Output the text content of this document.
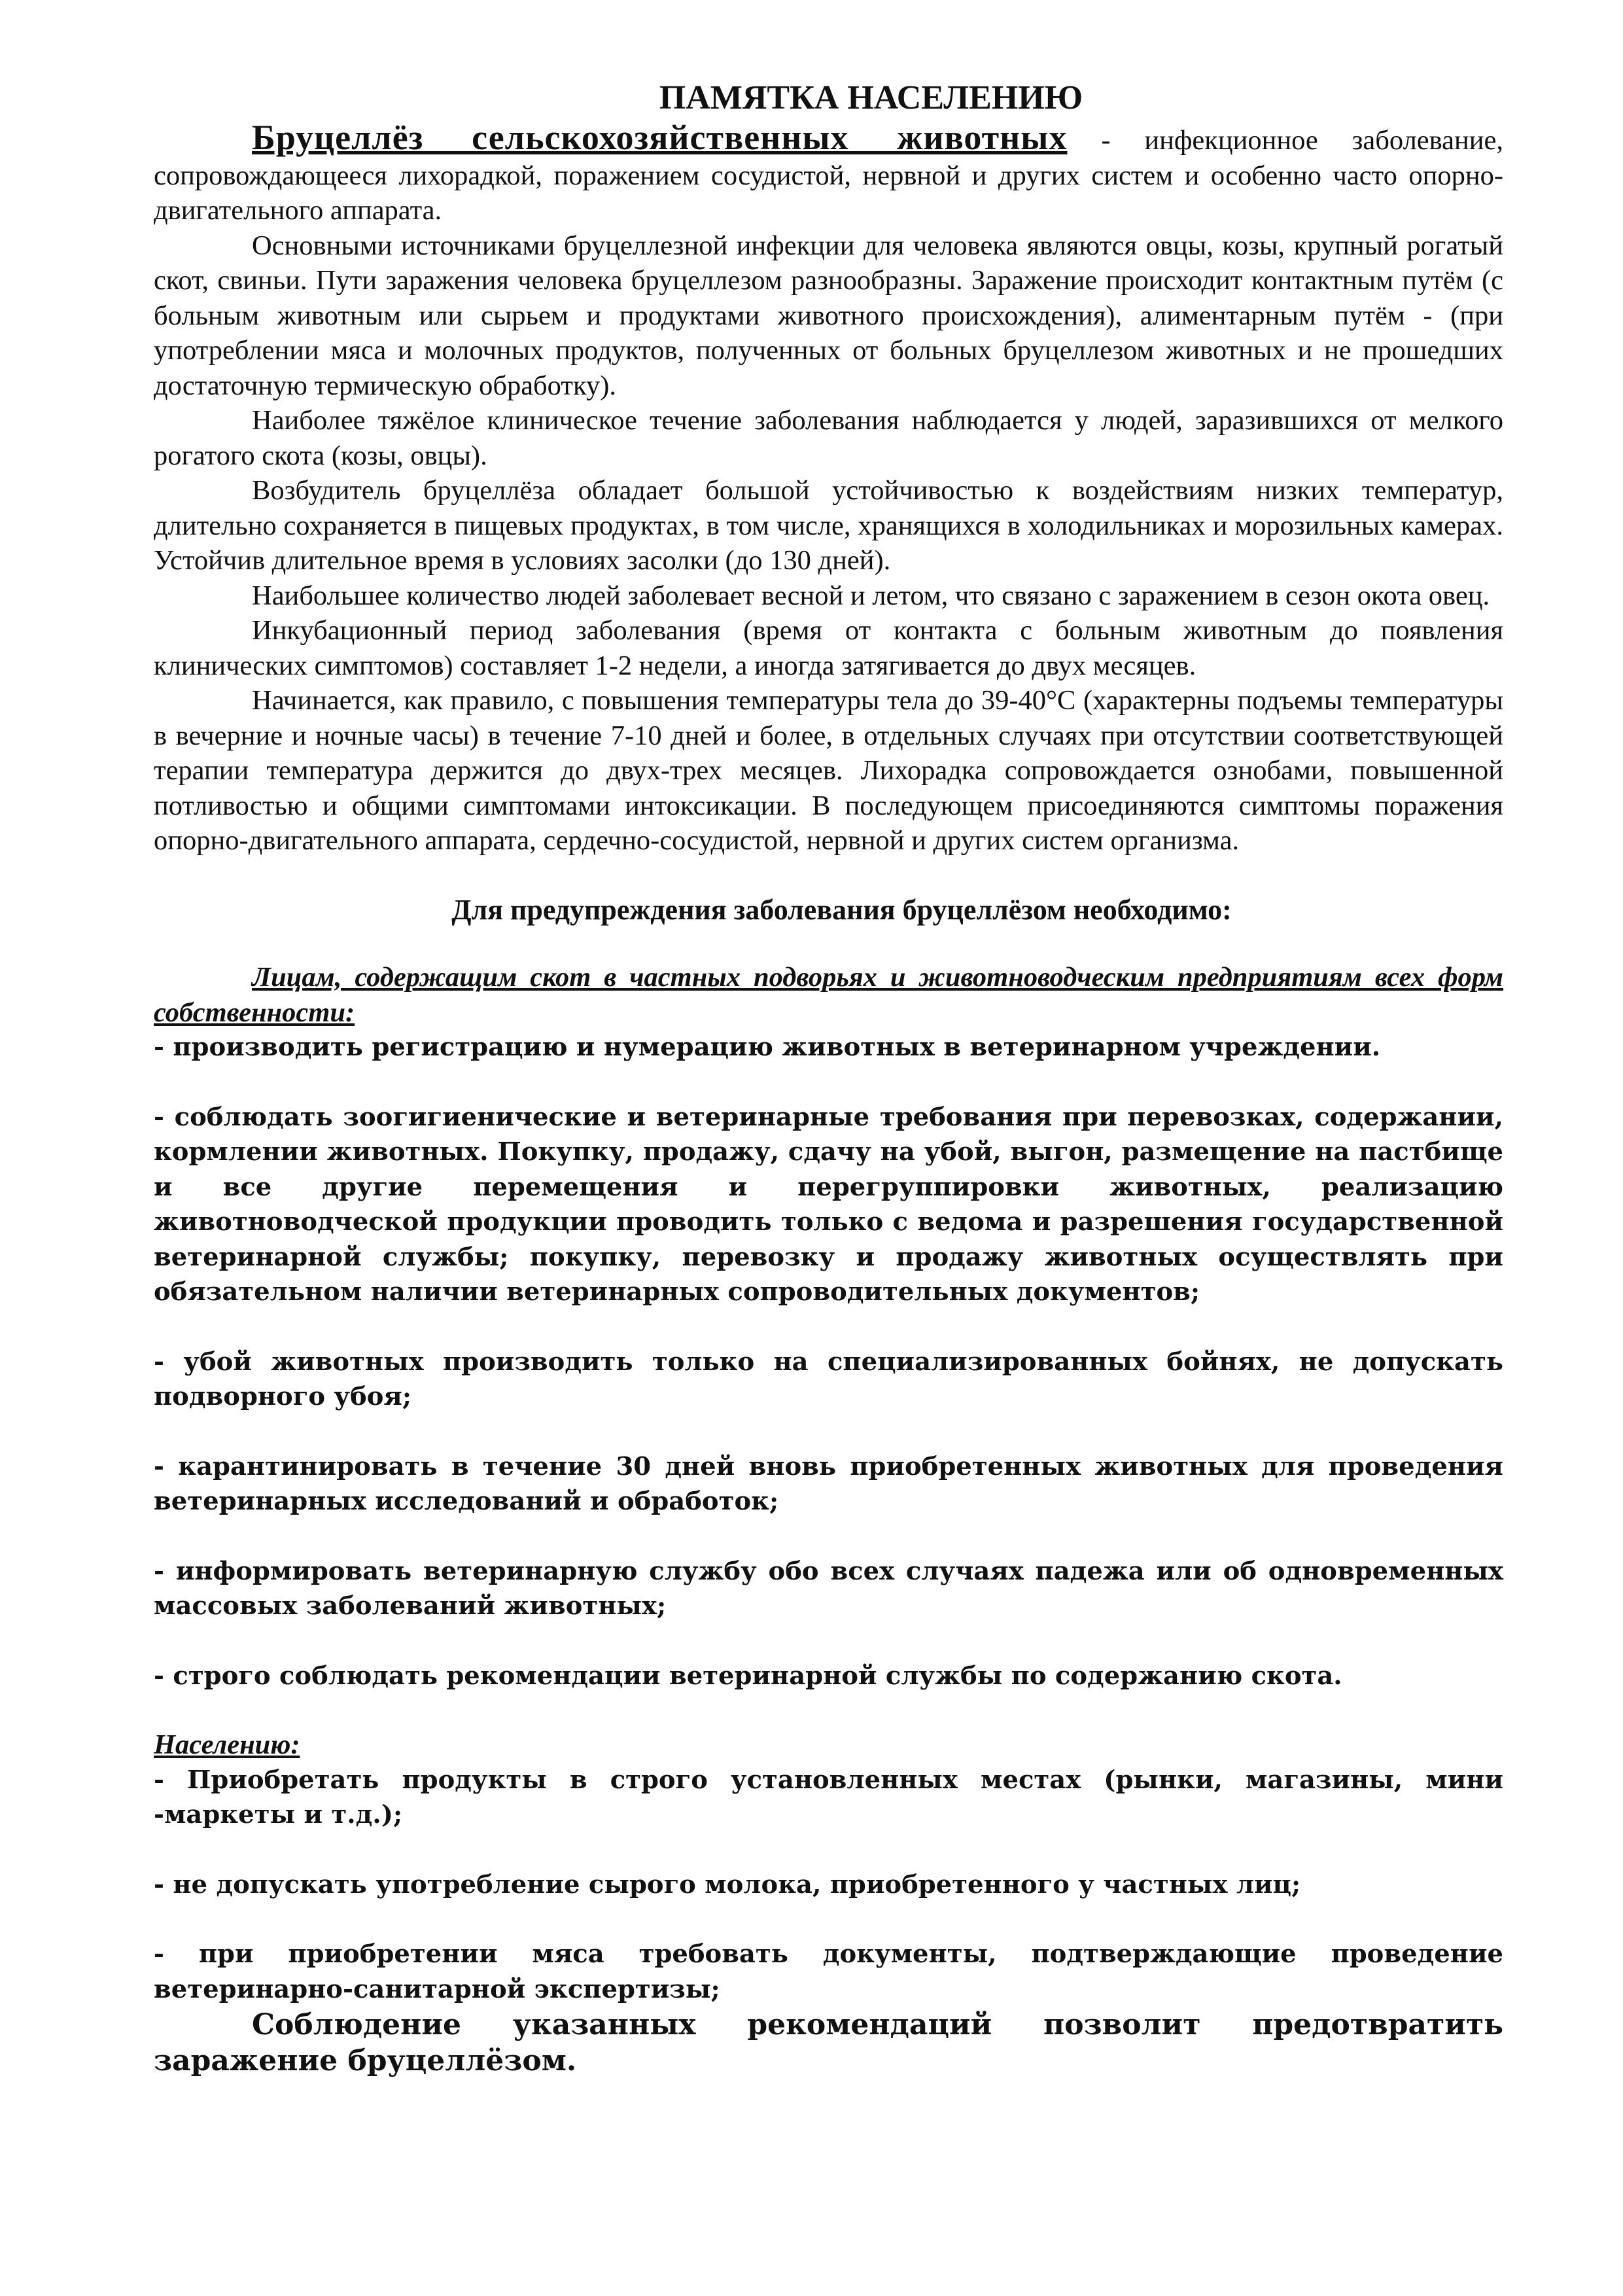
ПАМЯТКА НАСЕЛЕНИЮ

Бруцеллёз сельскохозяйственных животных - инфекционное заболевание, сопровождающееся лихорадкой, поражением сосудистой, нервной и других систем и особенно часто опорно-двигательного аппарата.

Основными источниками бруцеллезной инфекции для человека являются овцы, козы, крупный рогатый скот, свиньи. Пути заражения человека бруцеллезом разнообразны. Заражение происходит контактным путём (с больным животным или сырьем и продуктами животного происхождения), алиментарным путём - (при употреблении мяса и молочных продуктов, полученных от больных бруцеллезом животных и не прошедших достаточную термическую обработку).

Наиболее тяжёлое клиническое течение заболевания наблюдается у людей, заразившихся от мелкого рогатого скота (козы, овцы).

Возбудитель бруцеллёза обладает большой устойчивостью к воздействиям низких температур, длительно сохраняется в пищевых продуктах, в том числе, хранящихся в холодильниках и морозильных камерах. Устойчив длительное время в условиях засолки (до 130 дней).

Наибольшее количество людей заболевает весной и летом, что связано с заражением в сезон окота овец.

Инкубационный период заболевания (время от контакта с больным животным до появления клинических симптомов) составляет 1-2 недели, а иногда затягивается до двух месяцев.

Начинается, как правило, с повышения температуры тела до 39-40°С (характерны подъемы температуры в вечерние и ночные часы) в течение 7-10 дней и более, в отдельных случаях при отсутствии соответствующей терапии температура держится до двух-трех месяцев. Лихорадка сопровождается ознобами, повышенной потливостью и общими симптомами интоксикации. В последующем присоединяются симптомы поражения опорно-двигательного аппарата, сердечно-сосудистой, нервной и других систем организма.

Для предупреждения заболевания бруцеллёзом необходимо:

Лицам, содержащим скот в частных подворьях и животноводческим предприятиям всех форм собственности:

- производить регистрацию и нумерацию животных в ветеринарном учреждении.

- соблюдать зоогигиенические и ветеринарные требования при перевозках, содержании, кормлении животных. Покупку, продажу, сдачу на убой, выгон, размещение на пастбище и все другие перемещения и перегруппировки животных, реализацию животноводческой продукции проводить только с ведома и разрешения государственной ветеринарной службы; покупку, перевозку и продажу животных осуществлять при обязательном наличии ветеринарных сопроводительных документов;

- убой животных производить только на специализированных бойнях, не допускать подворного убоя;

- карантинировать в течение 30 дней вновь приобретенных животных для проведения ветеринарных исследований и обработок;

- информировать ветеринарную службу обо всех случаях падежа или об одновременных массовых заболеваний животных;

- строго соблюдать рекомендации ветеринарной службы по содержанию скота.

Населению:

- Приобретать продукты в строго установленных местах (рынки, магазины, мини -маркеты и т.д.);

- не допускать употребление сырого молока, приобретенного у частных лиц;

- при приобретении мяса требовать документы, подтверждающие проведение ветеринарно-санитарной экспертизы;

Соблюдение указанных рекомендаций позволит предотвратить заражение бруцеллёзом.
